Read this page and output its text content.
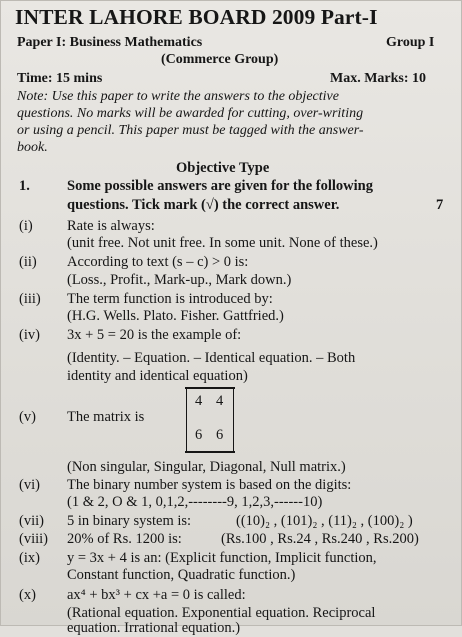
INTER LAHORE BOARD 2009 Part-I
Paper I: Business Mathematics	Group I
(Commerce Group)
Time: 15 mins	Max. Marks: 10
Note: Use this paper to write the answers to the objective
questions. No marks will be awarded for cutting, over-writing
or using a pencil. This paper must be tagged with the answer-
book.
Objective Type
1.	Some possible answers are given for the following
questions. Tick mark (√) the correct answer.	7
(i) Rate is always:
(unit free. Not unit free. In some unit. None of these.)
(ii) According to text (s – c) > 0 is:
(Loss., Profit., Mark-up., Mark down.)
(iii) The term function is introduced by:
(H.G. Wells. Plato. Fisher. Gattfried.)
(iv) 3x + 5 = 20 is the example of:
(Identity. – Equation. – Identical equation. – Both
identity and identical equation)
(v) The matrix is
4 4
6 6
(Non singular, Singular, Diagonal, Null matrix.)
(vi) The binary number system is based on the digits:
(1 & 2, O & 1, 0,1,2,--------9, 1,2,3,------10)
(vii) 5 in binary system is:	((10)₂ , (101)₂ , (11)₂ , (100)₂ )
(viii) 20% of Rs. 1200 is:	(Rs.100 , Rs.24 , Rs.240 , Rs.200)
(ix) y = 3x + 4 is an: (Explicit function, Implicit function,
Constant function, Quadratic function.)
(x) ax⁴ + bx³ + cx +a = 0 is called:
(Rational equation. Exponential equation. Reciprocal
equation. Irrational equation.)
